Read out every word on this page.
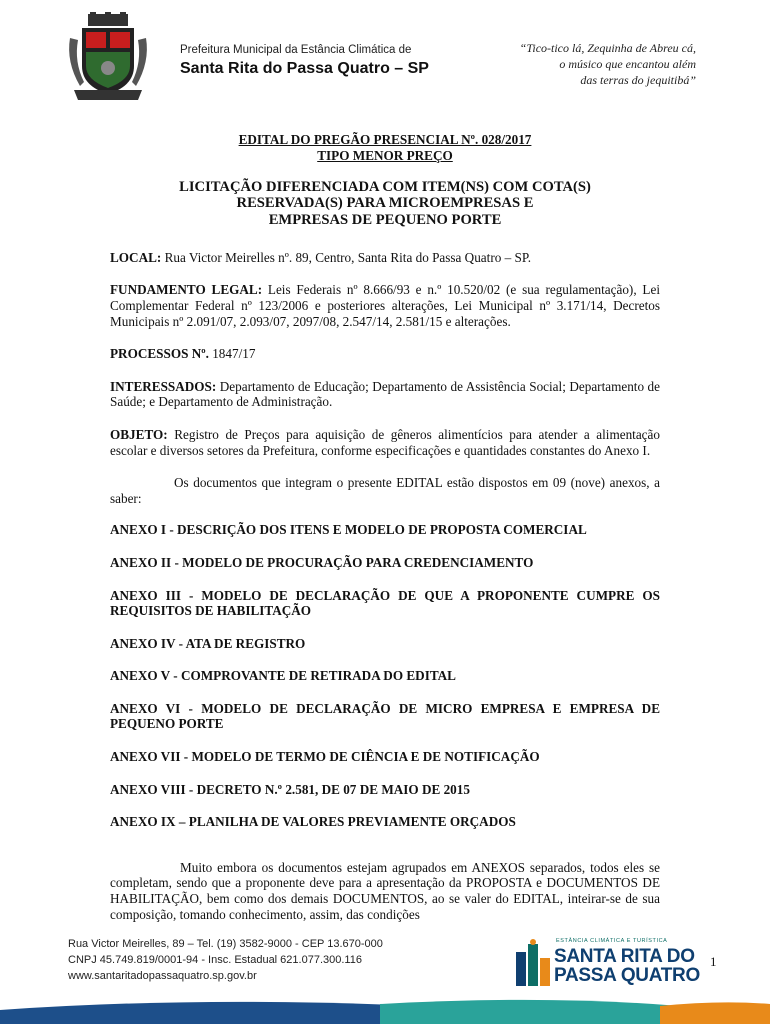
Prefeitura Municipal da Estância Climática de
Santa Rita do Passa Quatro – SP
“Tico-tico lá, Zequinha de Abreu cá,
o músico que encantou além
das terras do jequitibá”
EDITAL DO PREGÃO PRESENCIAL Nº. 028/2017
TIPO MENOR PREÇO
LICITAÇÃO DIFERENCIADA COM ITEM(NS) COM COTA(S)
RESERVADA(S) PARA MICROEMPRESAS E
EMPRESAS DE PEQUENO PORTE

LOCAL: Rua Victor Meirelles nº. 89, Centro, Santa Rita do Passa Quatro – SP.

FUNDAMENTO LEGAL: Leis Federais nº 8.666/93 e n.º 10.520/02 (e sua regulamentação), Lei Complementar Federal nº 123/2006 e posteriores alterações, Lei Municipal nº 3.171/14, Decretos Municipais nº 2.091/07, 2.093/07, 2097/08, 2.547/14, 2.581/15 e alterações.

PROCESSOS Nº. 1847/17

INTERESSADOS: Departamento de Educação; Departamento de Assistência Social; Departamento de Saúde; e Departamento de Administração.

OBJETO: Registro de Preços para aquisição de gêneros alimentícios para atender a alimentação escolar e diversos setores da Prefeitura, conforme especificações e quantidades constantes do Anexo I.

Os documentos que integram o presente EDITAL estão dispostos em 09 (nove) anexos, a saber:

ANEXO I - DESCRIÇÃO DOS ITENS E MODELO DE PROPOSTA COMERCIAL

ANEXO II - MODELO DE PROCURAÇÃO PARA CREDENCIAMENTO

ANEXO III - MODELO DE DECLARAÇÃO DE QUE A PROPONENTE CUMPRE OS REQUISITOS DE HABILITAÇÃO

ANEXO IV - ATA DE REGISTRO

ANEXO V - COMPROVANTE DE RETIRADA DO EDITAL

ANEXO VI - MODELO DE DECLARAÇÃO DE MICRO EMPRESA E EMPRESA DE PEQUENO PORTE

ANEXO VII - MODELO DE TERMO DE CIÊNCIA E DE NOTIFICAÇÃO

ANEXO VIII - DECRETO N.º 2.581, DE 07 DE MAIO DE 2015

ANEXO IX – PLANILHA DE VALORES PREVIAMENTE ORÇADOS

Muito embora os documentos estejam agrupados em ANEXOS separados, todos eles se completam, sendo que a proponente deve para a apresentação da PROPOSTA e DOCUMENTOS DE HABILITAÇÃO, bem como dos demais DOCUMENTOS, ao se valer do EDITAL, inteirar-se de sua composição, tomando conhecimento, assim, das condições

Rua Victor Meirelles, 89 – Tel. (19) 3582-9000 - CEP 13.670-000
CNPJ 45.749.819/0001-94 - Insc. Estadual 621.077.300.116
www.santaritadopassaquatro.sp.gov.br
ESTÂNCIA CLIMÁTICA E TURÍSTICA
SANTA RITA DO
PASSA QUATRO
1
